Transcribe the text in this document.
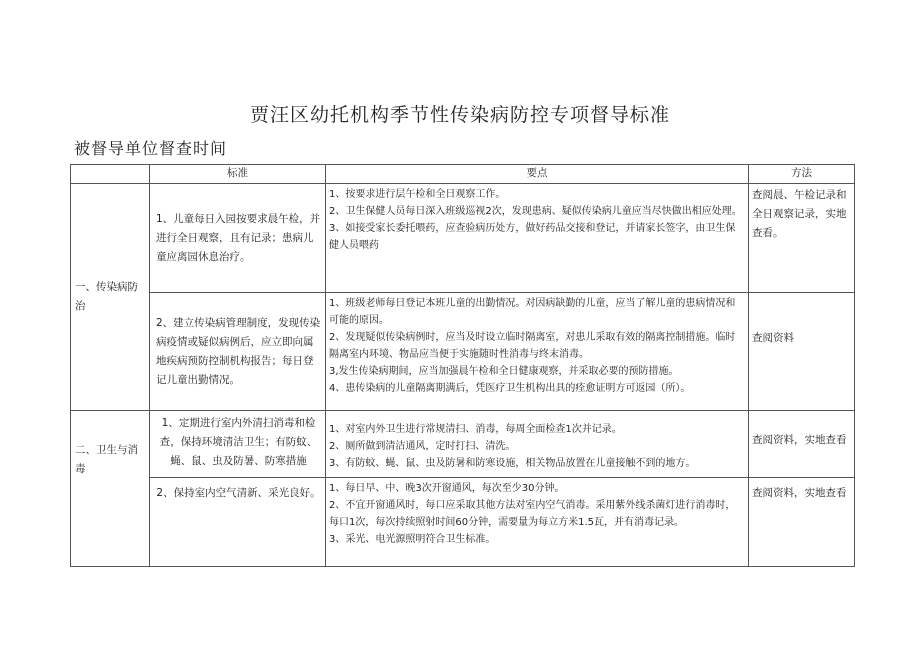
贾汪区幼托机构季节性传染病防控专项督导标准
被督导单位督查时间
	标准	要点	方法
一、传染病防治	1、儿童每日入园按要求晨午检，并进行全日观察，且有记录；患病儿童应离园休息治疗。	1、按要求进行层午检和全日观察工作。
2、卫生保健人员每日深入班级巡视2次，发现患病、疑似传染病儿童应当尽快做出相应处理。
3、如接受家长委托喂药，应查验病历处方，做好药品交接和登记，并请家长签字，由卫生保健人员喂药	查阅晨、午检记录和全日观察记录，实地查看。
	2、建立传染病管理制度，发现传染病疫情或疑似病例后，应立即向属地疾病预防控制机构报告；每日登记儿童出勤情况。	1、班级老师每日登记本班儿童的出勤情况。对因病缺勤的儿童，应当了解儿童的患病情况和可能的原因。
2、发现疑似传染病例时，应当及时设立临时隔离室，对患儿采取有效的隔离控制措施。临时隔离室内环境、物品应当便于实施随时性消毒与终末消毒。
3,发生传染病期间，应当加强晨午检和全日健康观察，并采取必要的预防措施。
4、患传染病的儿童隔离期满后，凭医疗卫生机构出具的痊愈证明方可返园（所）。	查阅资料
二、卫生与消毒	1、定期进行室内外清扫消毒和检查，保持环境清洁卫生；有防蚊、蝇、鼠、虫及防暑、防寒措施	1、对室内外卫生进行常规清扫、消毒，每周全面检查1次并记录。
2、厕所做到清洁通风，定时打扫、清洗。
3、有防蚊、蝇、鼠、虫及防暑和防寒设施，相关物品放置在儿童接触不到的地方。	查阅资料，实地查看
	2、保持室内空气清新、采光良好。	1、每日早、中、晚3次开窗通风，每次至少30分钟。
2、不宜开窗通风时，每口应采取其他方法对室内空气消毒。采用紫外线杀菌灯进行消毒时，每口1次，每次持续照射时间60分钟，需要量为每立方米1.5瓦，并有消毒记录。
3、采光、电光源照明符合卫生标准。	查阅资料，实地查看
